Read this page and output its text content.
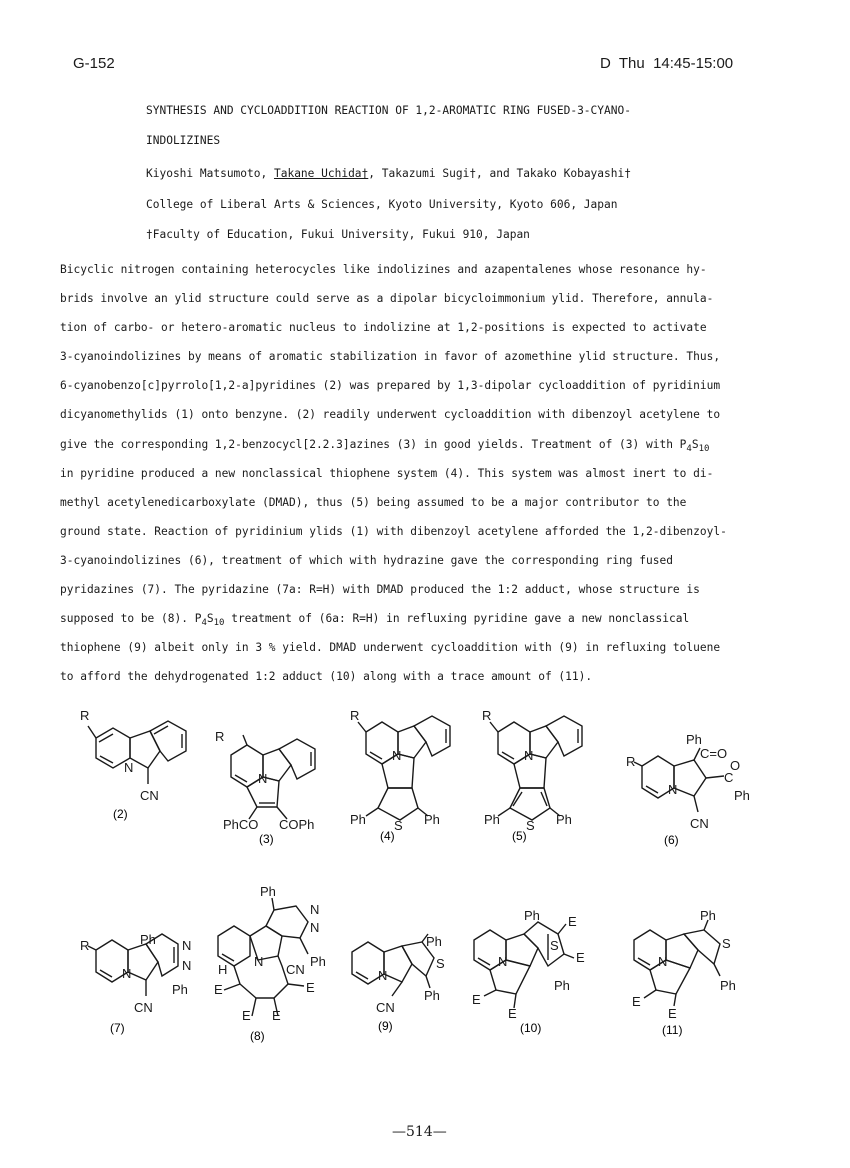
G-152	D  Thu  14:45-15:00
SYNTHESIS AND CYCLOADDITION REACTION OF 1,2-AROMATIC RING FUSED-3-CYANO-
INDOLIZINES
Kiyoshi Matsumoto, Takane Uchida†, Takazumi Sugi†, and Takako Kobayashi†
College of Liberal Arts & Sciences, Kyoto University, Kyoto 606, Japan
†Faculty of Education, Fukui University, Fukui 910, Japan
Bicyclic nitrogen containing heterocycles like indolizines and azapentalenes whose resonance hy-
brids involve an ylid structure could serve as a dipolar bicycloimmonium ylid. Therefore, annula-
tion of carbo- or hetero-aromatic nucleus to indolizine at 1,2-positions is expected to activate
3-cyanoindolizines by means of aromatic stabilization in favor of azomethine ylid structure. Thus,
6-cyanobenzo[c]pyrrolo[1,2-a]pyridines (2) was prepared by 1,3-dipolar cycloaddition of pyridinium
dicyanomethylids (1) onto benzyne. (2) readily underwent cycloaddition with dibenzoyl acetylene to
give the corresponding 1,2-benzocycl[2.2.3]azines (3) in good yields. Treatment of (3) with $P_4S_{10}$
in pyridine produced a new nonclassical thiophene system (4). This system was almost inert to di-
methyl acetylenedicarboxylate (DMAD), thus (5) being assumed to be a major contributor to the
ground state. Reaction of pyridinium ylids (1) with dibenzoyl acetylene afforded the 1,2-dibenzoyl-
3-cyanoindolizines (6), treatment of which with hydrazine gave the corresponding ring fused
pyridazines (7). The pyridazine (7a: R=H) with DMAD produced the 1:2 adduct, whose structure is
supposed to be (8). $P_4S_{10}$ treatment of (6a: R=H) in refluxing pyridine gave a new nonclassical
thiophene (9) albeit only in 3 % yield. DMAD underwent cycloaddition with (9) in refluxing toluene
to afford the dehydrogenated 1:2 adduct (10) along with a trace amount of (11).
R
N
CN
(2)
R
N
PhCO COPh
(3)
R
N
Ph S Ph
(4)
R
N
Ph S Ph
(5)
Ph
C=O
R
N
C
O
Ph
CN
(6)
R
N
Ph N
N
Ph
CN
(7)
Ph
N
N
Ph
N
H	CN
E	E
E E
(8)
Ph
N
S
Ph
CN
(9)
Ph E
E
N
S
Ph
E
E
(10)
Ph
N
S
Ph
E
E
(11)
—514—
